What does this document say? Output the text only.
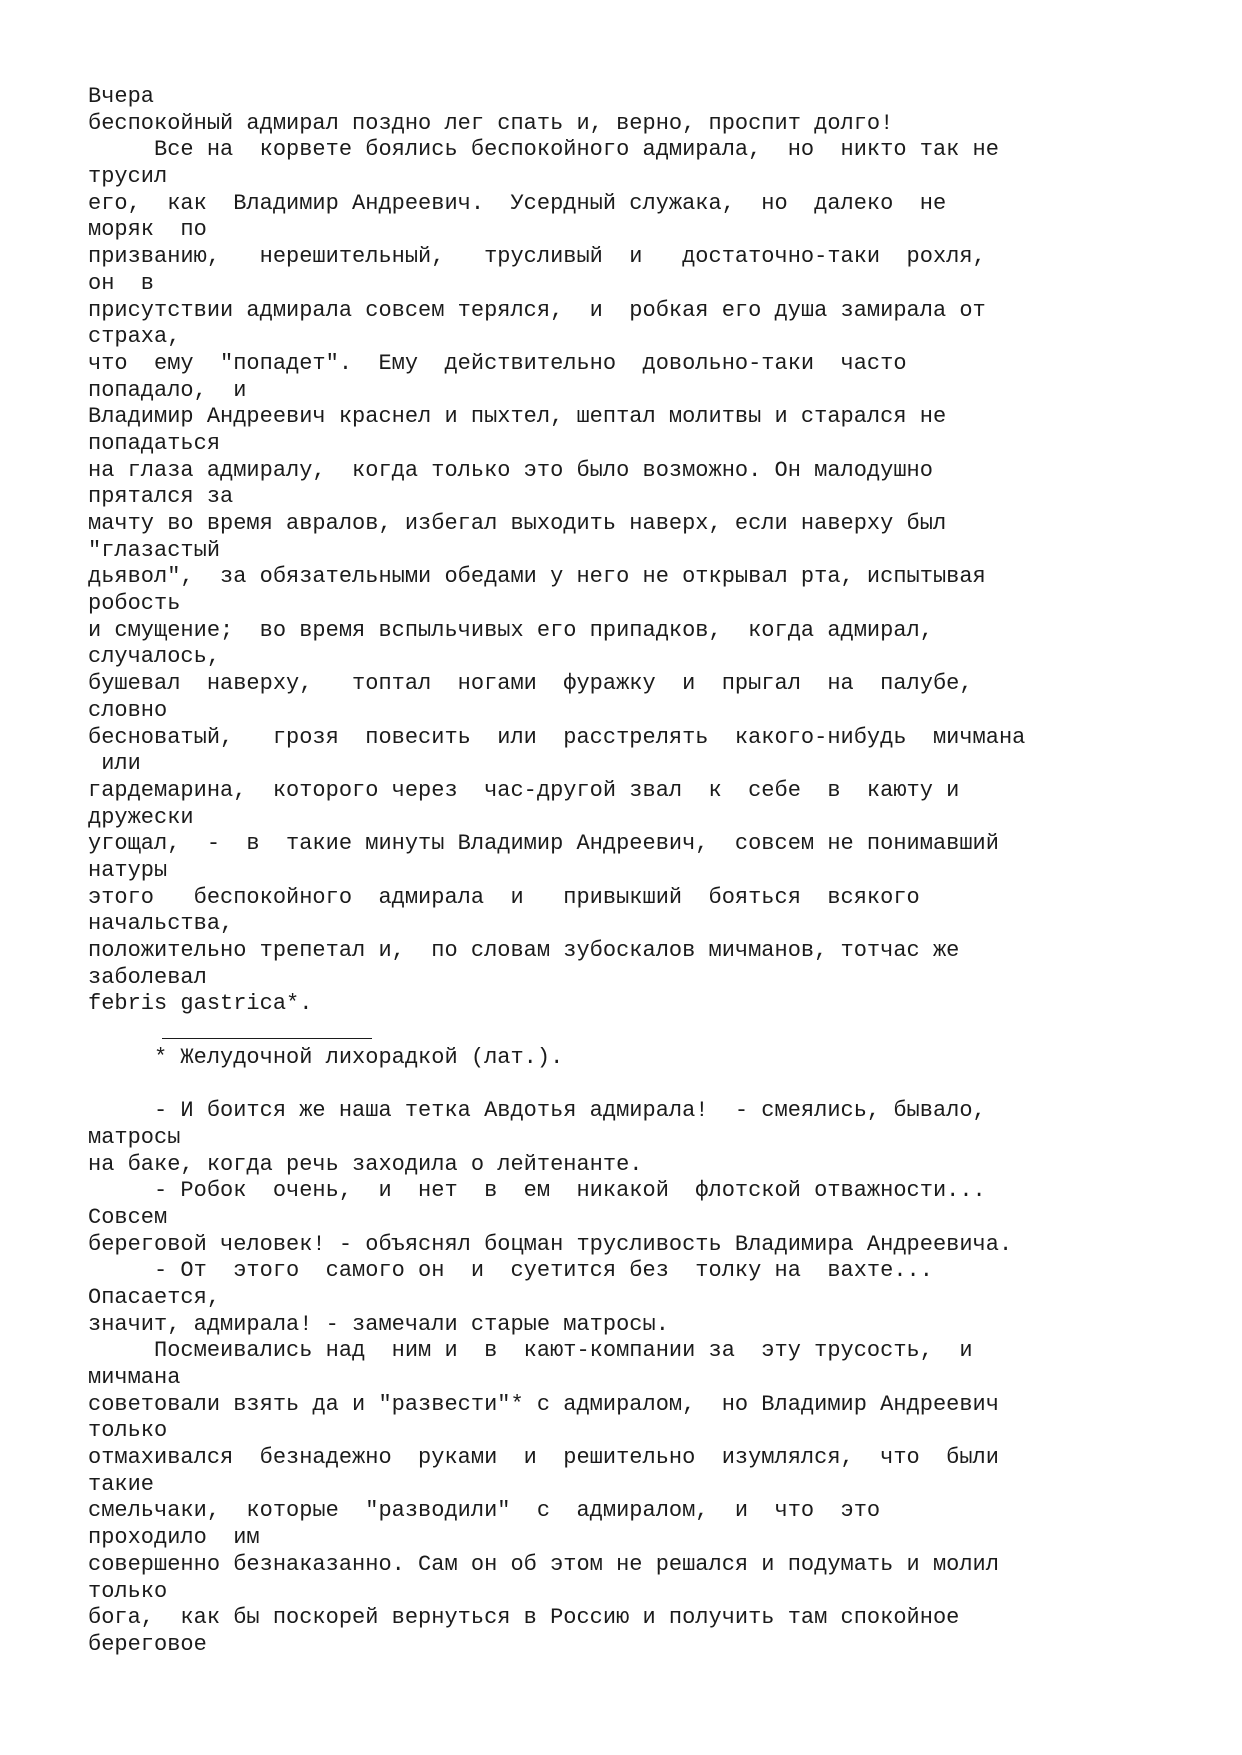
Вчера
беспокойный адмирал поздно лег спать и, верно, проспит долго!
Все на  корвете боялись беспокойного адмирала,  но  никто так не
трусил
его,  как  Владимир Андреевич.  Усердный служака,  но  далеко  не
моряк  по
призванию,   нерешительный,   трусливый  и   достаточно-таки  рохля,
он  в
присутствии адмирала совсем терялся,  и  робкая его душа замирала от
страха,
что  ему  "попадет".  Ему  действительно  довольно-таки  часто
попадало,  и
Владимир Андреевич краснел и пыхтел, шептал молитвы и старался не
попадаться
на глаза адмиралу,  когда только это было возможно. Он малодушно
прятался за
мачту во время авралов, избегал выходить наверх, если наверху был
"глазастый
дьявол",  за обязательными обедами у него не открывал рта, испытывая
робость
и смущение;  во время вспыльчивых его припадков,  когда адмирал,
случалось,
бушевал  наверху,   топтал  ногами  фуражку  и  прыгал  на  палубе,
словно
бесноватый,   грозя  повесить  или  расстрелять  какого-нибудь  мичмана
или
гардемарина,  которого через  час-другой звал  к  себе  в  каюту и
дружески
угощал,  -  в  такие минуты Владимир Андреевич,  совсем не понимавший
натуры
этого   беспокойного  адмирала  и   привыкший  бояться  всякого
начальства,
положительно трепетал и,  по словам зубоскалов мичманов, тотчас же
заболевал
febris gastrica*.
* Желудочной лихорадкой (лат.).
- И боится же наша тетка Авдотья адмирала!  - смеялись, бывало,
матросы
на баке, когда речь заходила о лейтенанте.
- Робок  очень,  и  нет  в  ем  никакой  флотской отважности...
Совсем
береговой человек! - объяснял боцман трусливость Владимира Андреевича.
- От  этого  самого он  и  суетится без  толку на  вахте...
Опасается,
значит, адмирала! - замечали старые матросы.
Посмеивались над  ним и  в  кают-компании за  эту трусость,  и
мичмана
советовали взять да и "развести"* с адмиралом,  но Владимир Андреевич
только
отмахивался  безнадежно  руками  и  решительно  изумлялся,  что  были
такие
смельчаки,  которые  "разводили"  с  адмиралом,  и  что  это
проходило  им
совершенно безнаказанно. Сам он об этом не решался и подумать и молил
только
бога,  как бы поскорей вернуться в Россию и получить там спокойное
береговое
